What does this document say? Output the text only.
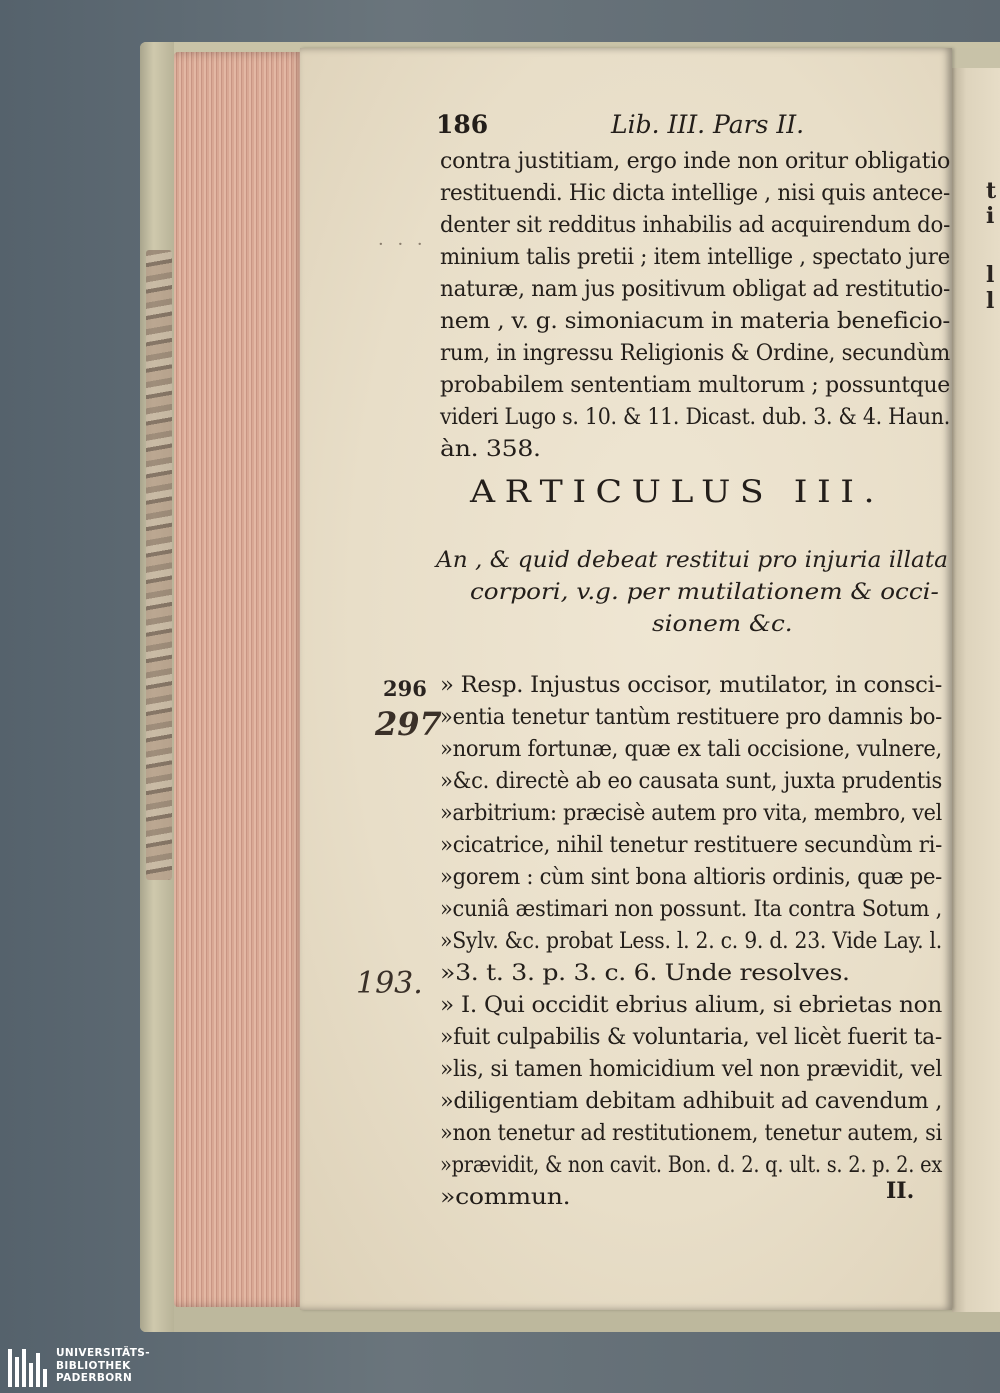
t
i
l
l
186	Lib. III. Pars II.
contra justitiam, ergo inde non oritur obligatio
restituendi. Hic dicta intellige , nisi quis antece-
denter sit redditus inhabilis ad acquirendum do-
minium talis pretii ; item intellige , spectato jure
naturæ, nam jus positivum obligat ad restitutio-
nem , v. g. simoniacum in materia beneficio-
rum, in ingressu Religionis & Ordine, secundùm
probabilem sententiam multorum ; possuntque
videri Lugo s. 10. & 11. Dicast. dub. 3. & 4. Haun.
àn. 358.
· · ·
ARTICULUS III.
An , & quid debeat restitui pro injuria illata
corpori, v.g. per mutilationem & occi-
sionem &c.
296
297
193.
» Resp. Injustus occisor, mutilator, in consci-
»entia tenetur tantùm restituere pro damnis bo-
»norum fortunæ, quæ ex tali occisione, vulnere,
»&c. directè ab eo causata sunt, juxta prudentis
»arbitrium: præcisè autem pro vita, membro, vel
»cicatrice, nihil tenetur restituere secundùm ri-
»gorem : cùm sint bona altioris ordinis, quæ pe-
»cuniâ æstimari non possunt. Ita contra Sotum ,
»Sylv. &c. probat Less. l. 2. c. 9. d. 23. Vide Lay. l.
»3. t. 3. p. 3. c. 6. Unde resolves.
» I. Qui occidit ebrius alium, si ebrietas non
»fuit culpabilis & voluntaria, vel licèt fuerit ta-
»lis, si tamen homicidium vel non prævidit, vel
»diligentiam debitam adhibuit ad cavendum ,
»non tenetur ad restitutionem, tenetur autem, si
»prævidit, & non cavit. Bon. d. 2. q. ult. s. 2. p. 2. ex
»commun.	II.
UNIVERSITÄTS-
BIBLIOTHEK
PADERBORN
